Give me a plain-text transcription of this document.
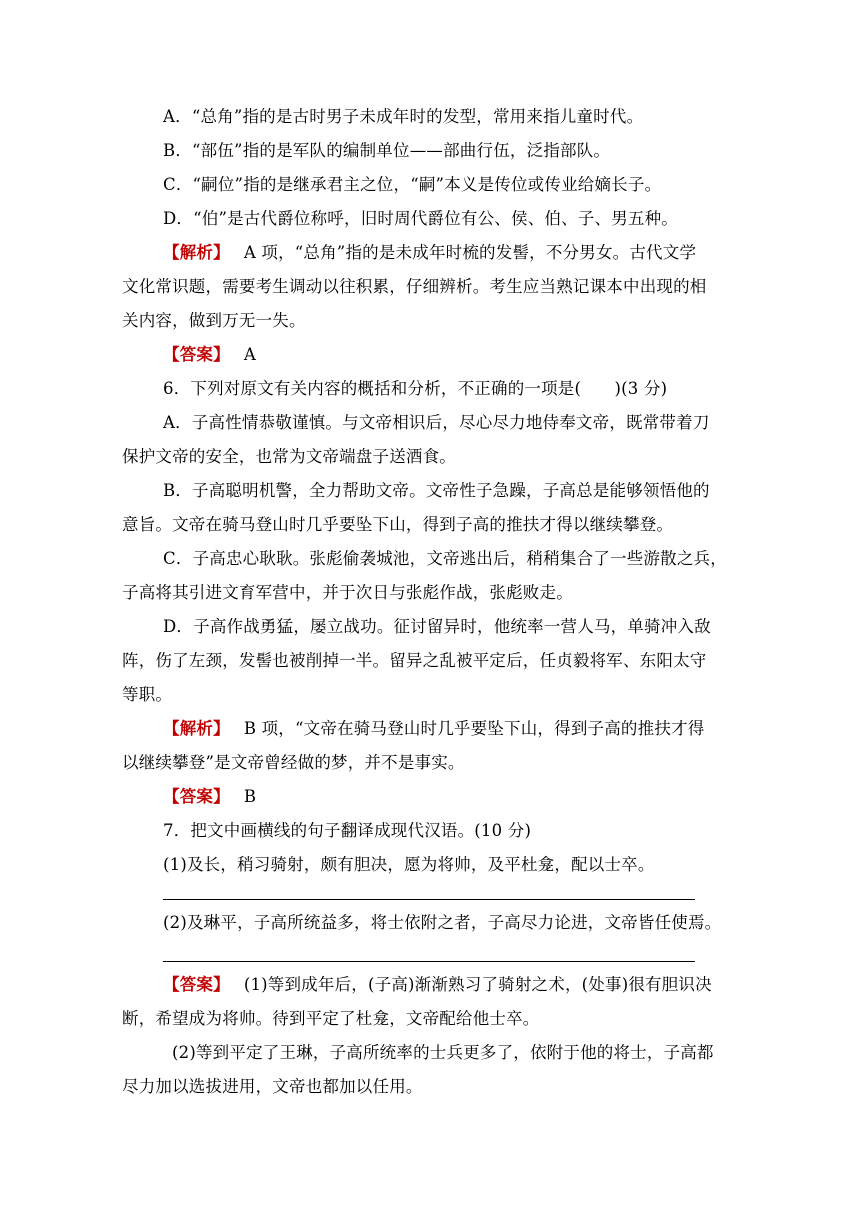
A．“总角”指的是古时男子未成年时的发型，常用来指儿童时代。
B．“部伍”指的是军队的编制单位——部曲行伍，泛指部队。
C．“嗣位”指的是继承君主之位，“嗣”本义是传位或传业给嫡长子。
D．“伯”是古代爵位称呼，旧时周代爵位有公、侯、伯、子、男五种。
【解析】 A 项，“总角”指的是未成年时梳的发髻，不分男女。古代文学
文化常识题，需要考生调动以往积累，仔细辨析。考生应当熟记课本中出现的相
关内容，做到万无一失。
【答案】 A
6．下列对原文有关内容的概括和分析，不正确的一项是(　　)(3 分)
A．子高性情恭敬谨慎。与文帝相识后，尽心尽力地侍奉文帝，既常带着刀
保护文帝的安全，也常为文帝端盘子送酒食。
B．子高聪明机警，全力帮助文帝。文帝性子急躁，子高总是能够领悟他的
意旨。文帝在骑马登山时几乎要坠下山，得到子高的推扶才得以继续攀登。
C．子高忠心耿耿。张彪偷袭城池，文帝逃出后，稍稍集合了一些游散之兵，
子高将其引进文育军营中，并于次日与张彪作战，张彪败走。
D．子高作战勇猛，屡立战功。征讨留异时，他统率一营人马，单骑冲入敌
阵，伤了左颈，发髻也被削掉一半。留异之乱被平定后，任贞毅将军、东阳太守
等职。
【解析】 B 项，“文帝在骑马登山时几乎要坠下山，得到子高的推扶才得
以继续攀登”是文帝曾经做的梦，并不是事实。
【答案】 B
7．把文中画横线的句子翻译成现代汉语。(10 分)
(1)及长，稍习骑射，颇有胆决，愿为将帅，及平杜龛，配以士卒。
(2)及琳平，子高所统益多，将士依附之者，子高尽力论进，文帝皆任使焉。
【答案】 (1)等到成年后，(子高)渐渐熟习了骑射之术，(处事)很有胆识决
断，希望成为将帅。待到平定了杜龛，文帝配给他士卒。
(2)等到平定了王琳，子高所统率的士兵更多了，依附于他的将士，子高都
尽力加以选拔进用，文帝也都加以任用。
